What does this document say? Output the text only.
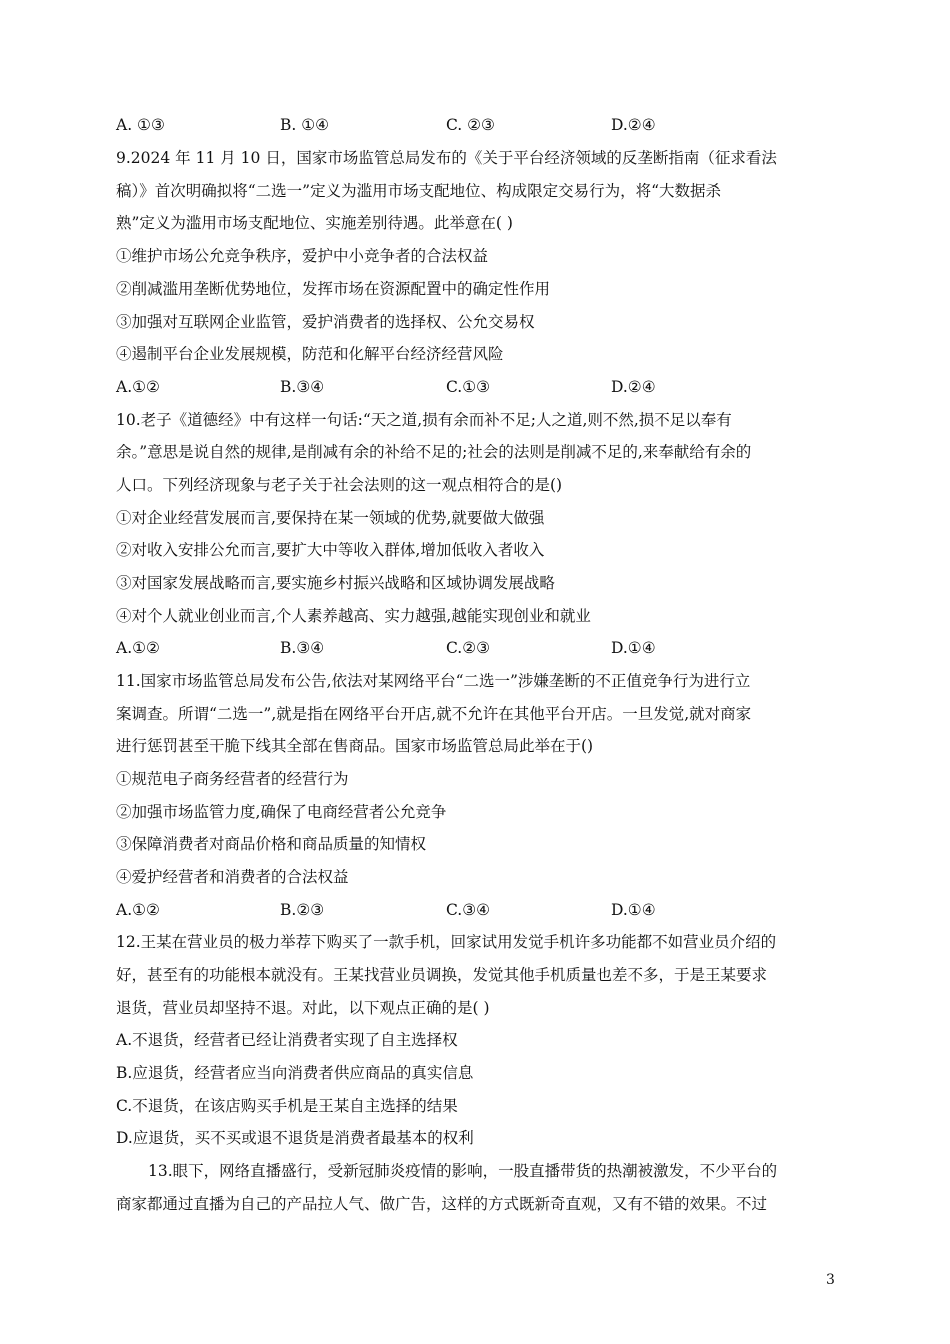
A. ①③	B. ①④	C. ②③	D.②④
9.2024 年 11 月 10 日，国家市场监管总局发布的《关于平台经济领域的反垄断指南（征求看法
稿）》首次明确拟将“二选一”定义为滥用市场支配地位、构成限定交易行为，将“大数据杀
熟”定义为滥用市场支配地位、实施差别待遇。此举意在( )
①维护市场公允竞争秩序，爱护中小竞争者的合法权益
②削减滥用垄断优势地位，发挥市场在资源配置中的确定性作用
③加强对互联网企业监管，爱护消费者的选择权、公允交易权
④遏制平台企业发展规模，防范和化解平台经济经营风险
A.①②	B.③④	C.①③	D.②④
10.老子《道德经》中有这样一句话:“天之道,损有余而补不足;人之道,则不然,损不足以奉有
余。”意思是说自然的规律,是削减有余的补给不足的;社会的法则是削减不足的,来奉献给有余的
人口。下列经济现象与老子关于社会法则的这一观点相符合的是()
①对企业经营发展而言,要保持在某一领域的优势,就要做大做强
②对收入安排公允而言,要扩大中等收入群体,增加低收入者收入
③对国家发展战略而言,要实施乡村振兴战略和区域协调发展战略
④对个人就业创业而言,个人素养越高、实力越强,越能实现创业和就业
A.①②	B.③④	C.②③	D.①④
11.国家市场监管总局发布公告,依法对某网络平台“二选一”涉嫌垄断的不正值竞争行为进行立
案调查。所谓“二选一”,就是指在网络平台开店,就不允许在其他平台开店。一旦发觉,就对商家
进行惩罚甚至干脆下线其全部在售商品。国家市场监管总局此举在于()
①规范电子商务经营者的经营行为
②加强市场监管力度,确保了电商经营者公允竞争
③保障消费者对商品价格和商品质量的知情权
④爱护经营者和消费者的合法权益
A.①②	B.②③	C.③④	D.①④
12.王某在营业员的极力举荐下购买了一款手机，回家试用发觉手机许多功能都不如营业员介绍的
好，甚至有的功能根本就没有。王某找营业员调换，发觉其他手机质量也差不多，于是王某要求
退货，营业员却坚持不退。对此，以下观点正确的是( )
A.不退货，经营者已经让消费者实现了自主选择权
B.应退货，经营者应当向消费者供应商品的真实信息
C.不退货，在该店购买手机是王某自主选择的结果
D.应退货，买不买或退不退货是消费者最基本的权利
13.眼下，网络直播盛行，受新冠肺炎疫情的影响，一股直播带货的热潮被激发，不少平台的
商家都通过直播为自己的产品拉人气、做广告，这样的方式既新奇直观，又有不错的效果。不过
3
